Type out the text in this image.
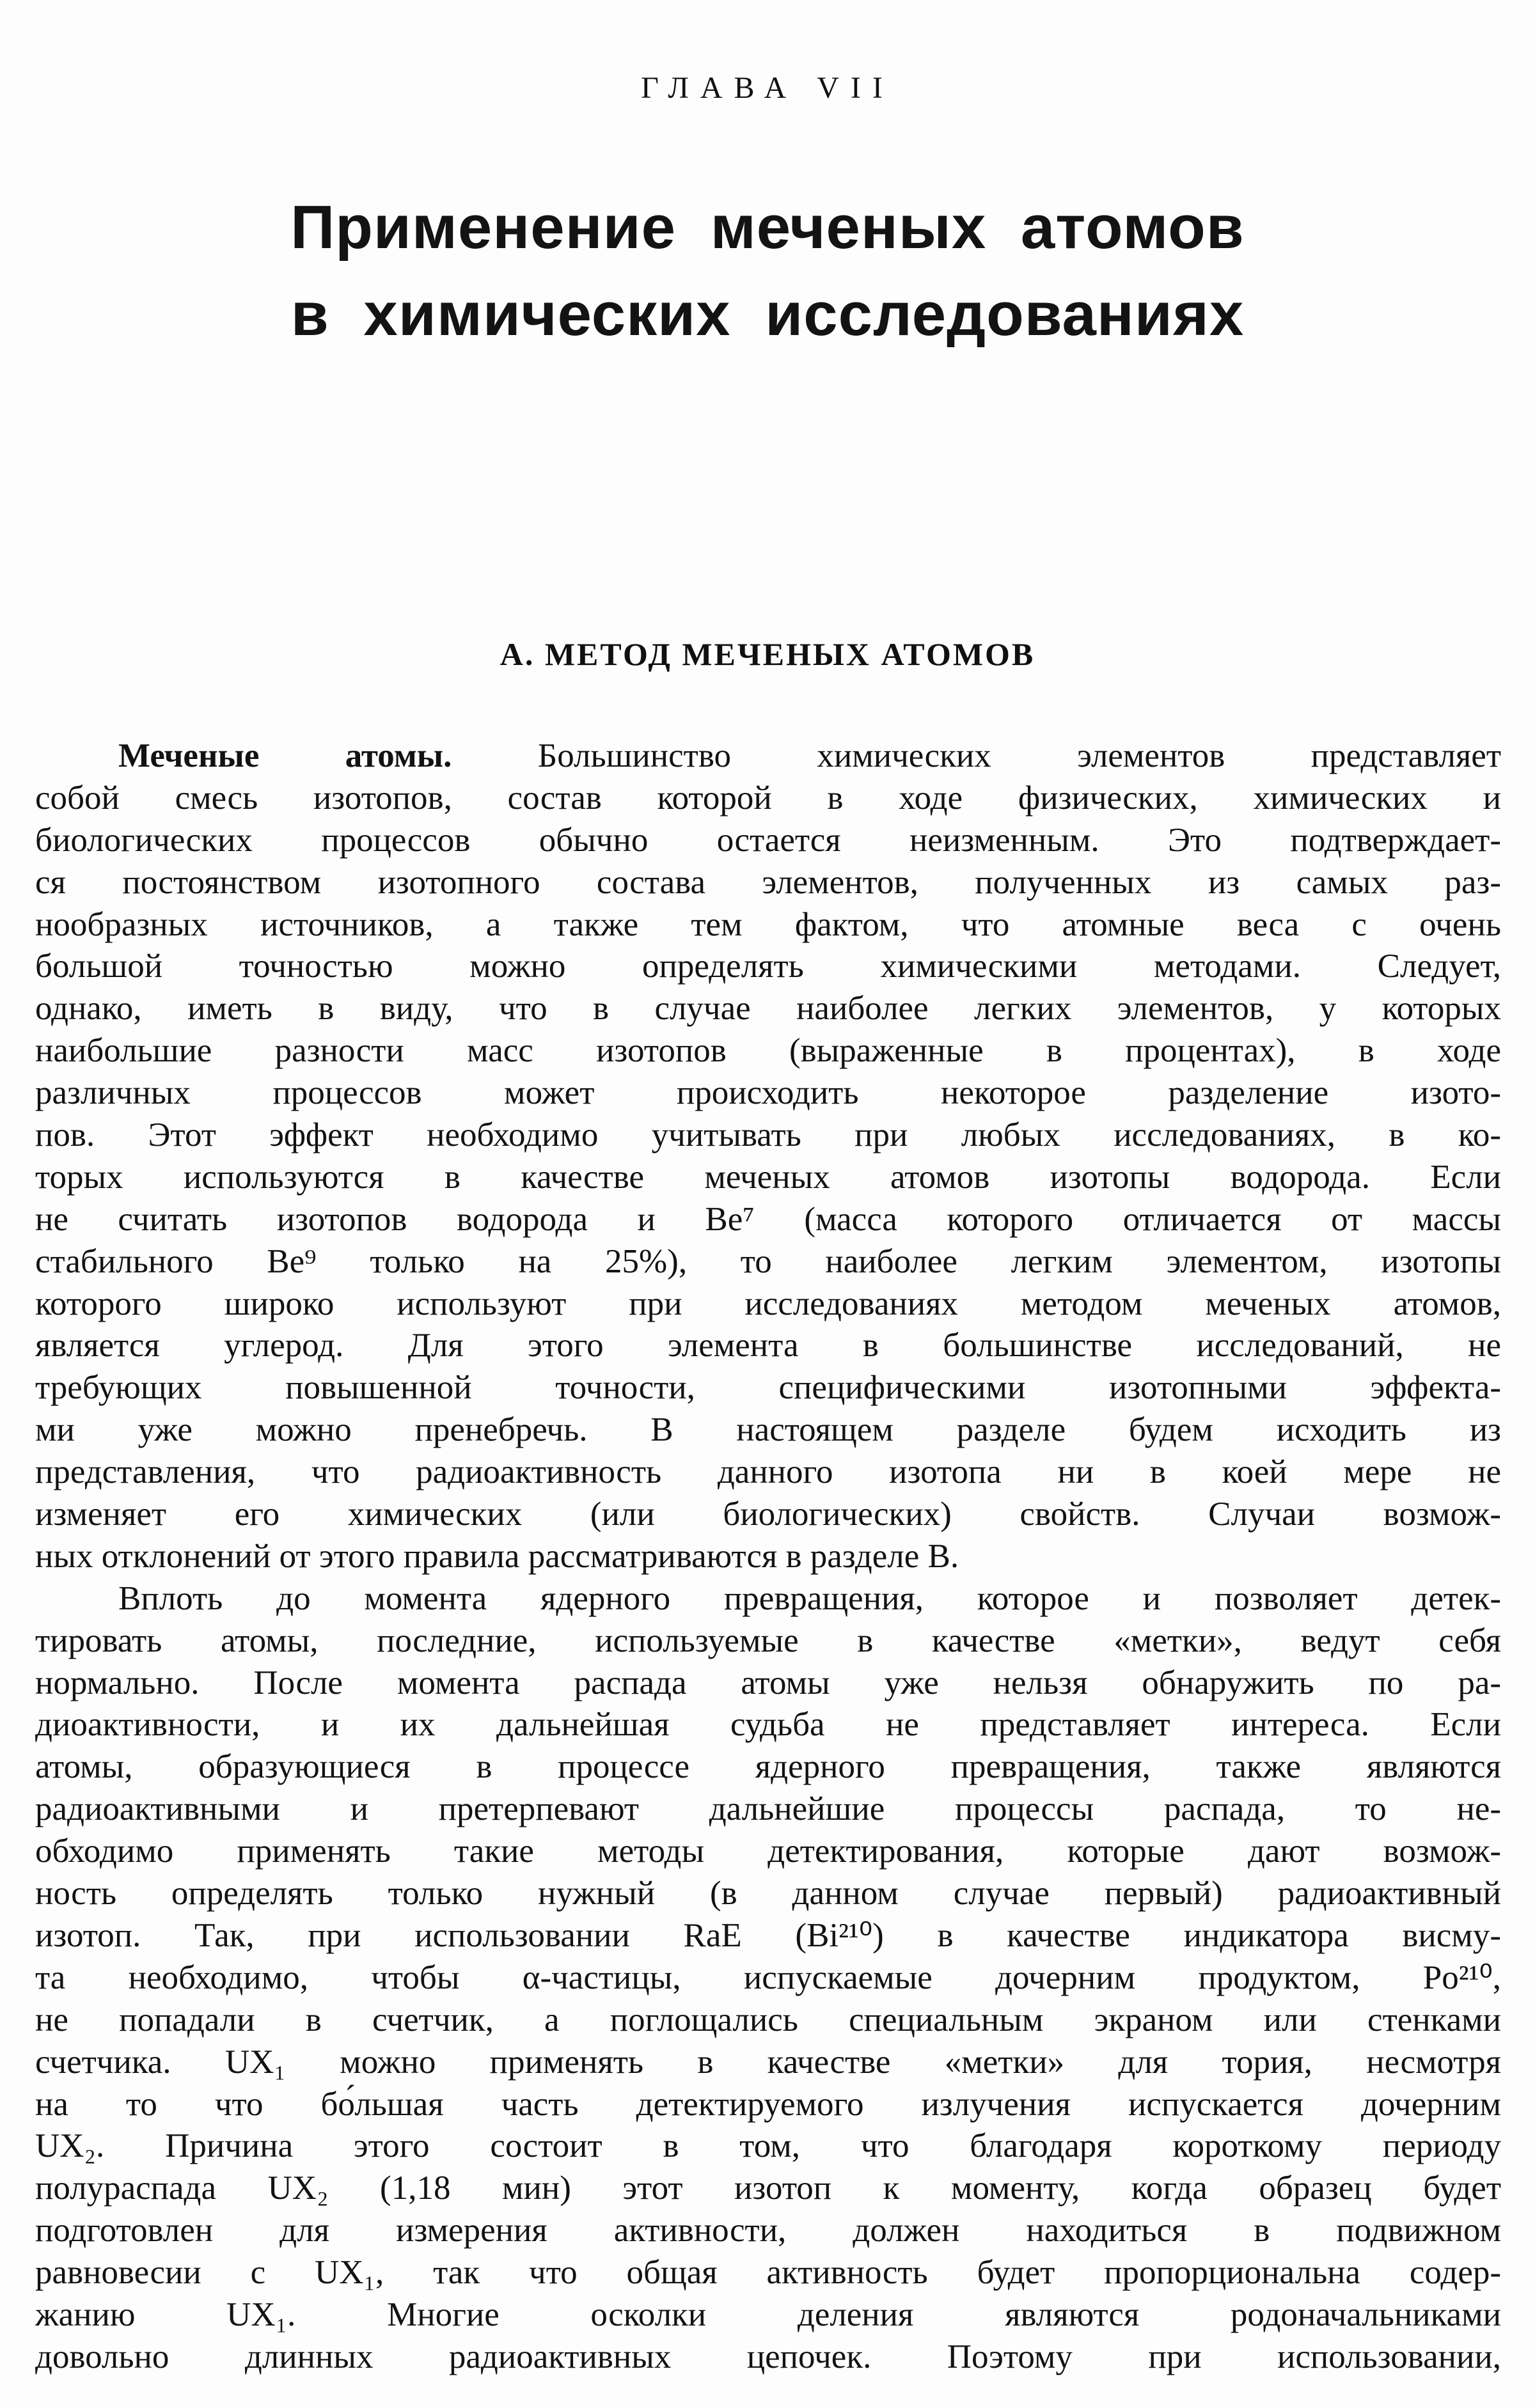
ГЛАВА VII
Применение меченых атомов
в химических исследованиях
А. МЕТОД МЕЧЕНЫХ АТОМОВ
Меченые атомы. Большинство химических элементов представляет
собой смесь изотопов, состав которой в ходе физических, химических и
биологических процессов обычно остается неизменным. Это подтверждает-
ся постоянством изотопного состава элементов, полученных из самых раз-
нообразных источников, а также тем фактом, что атомные веса с очень
большой точностью можно определять химическими методами. Следует,
однако, иметь в виду, что в случае наиболее легких элементов, у которых
наибольшие разности масс изотопов (выраженные в процентах), в ходе
различных процессов может происходить некоторое разделение изото-
пов. Этот эффект необходимо учитывать при любых исследованиях, в ко-
торых используются в качестве меченых атомов изотопы водорода. Если
не считать изотопов водорода и Be⁷ (масса которого отличается от массы
стабильного Be⁹ только на 25%), то наиболее легким элементом, изотопы
которого широко используют при исследованиях методом меченых атомов,
является углерод. Для этого элемента в большинстве исследований, не
требующих повышенной точности, специфическими изотопными эффекта-
ми уже можно пренебречь. В настоящем разделе будем исходить из
представления, что радиоактивность данного изотопа ни в коей мере не
изменяет его химических (или биологических) свойств. Случаи возмож-
ных отклонений от этого правила рассматриваются в разделе В.
Вплоть до момента ядерного превращения, которое и позволяет детек-
тировать атомы, последние, используемые в качестве «метки», ведут себя
нормально. После момента распада атомы уже нельзя обнаружить по ра-
диоактивности, и их дальнейшая судьба не представляет интереса. Если
атомы, образующиеся в процессе ядерного превращения, также являются
радиоактивными и претерпевают дальнейшие процессы распада, то не-
обходимо применять такие методы детектирования, которые дают возмож-
ность определять только нужный (в данном случае первый) радиоактивный
изотоп. Так, при использовании RaE (Bi²¹⁰) в качестве индикатора висму-
та необходимо, чтобы α-частицы, испускаемые дочерним продуктом, Po²¹⁰,
не попадали в счетчик, а поглощались специальным экраном или стенками
счетчика. UX₁ можно применять в качестве «метки» для тория, несмотря
на то что бо́льшая часть детектируемого излучения испускается дочерним
UX₂. Причина этого состоит в том, что благодаря короткому периоду
полураспада UX₂ (1,18 мин) этот изотоп к моменту, когда образец будет
подготовлен для измерения активности, должен находиться в подвижном
равновесии с UX₁, так что общая активность будет пропорциональна содер-
жанию UX₁. Многие осколки деления являются родоначальниками
довольно длинных радиоактивных цепочек. Поэтому при использовании,
